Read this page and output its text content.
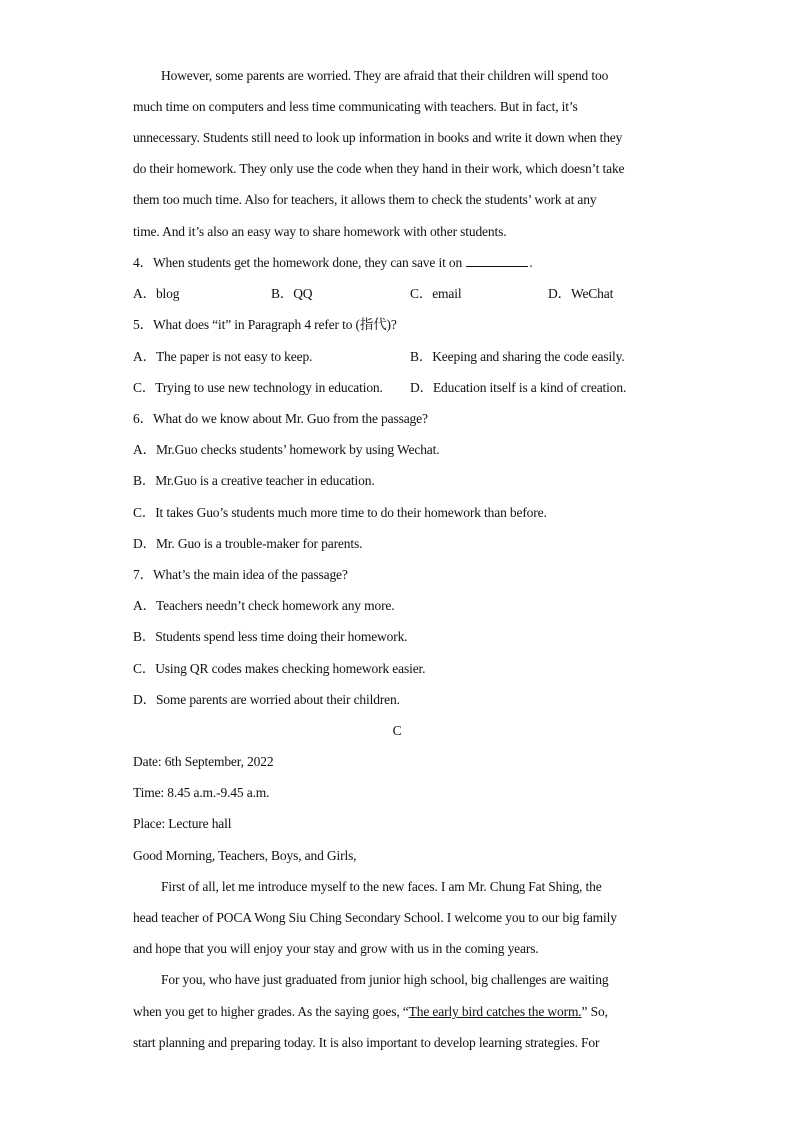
However, some parents are worried. They are afraid that their children will spend too
much time on computers and less time communicating with teachers. But in fact, it’s
unnecessary. Students still need to look up information in books and write it down when they
do their homework. They only use the code when they hand in their work, which doesn’t take
them too much time. Also for teachers, it allows them to check the students’ work at any
time. And it’s also an easy way to share homework with other students.
4．When students get the homework done, they can save it on	.
A．blog	B．QQ	C．email	D．WeChat
5．What does “it” in Paragraph 4 refer to (指代)?
A．The paper is not easy to keep.	B．Keeping and sharing the code easily.
C．Trying to use new technology in education. D．Education itself is a kind of creation.
6．What do we know about Mr. Guo from the passage?
A．Mr.Guo checks students’ homework by using Wechat.
B．Mr.Guo is a creative teacher in education.
C．It takes Guo’s students much more time to do their homework than before.
D．Mr. Guo is a trouble-maker for parents.
7．What’s the main idea of the passage?
A．Teachers needn’t check homework any more.
B．Students spend less time doing their homework.
C．Using QR codes makes checking homework easier.
D．Some parents are worried about their children.
C
Date: 6th September, 2022
Time: 8.45 a.m.-9.45 a.m.
Place: Lecture hall
Good Morning, Teachers, Boys, and Girls,
First of all, let me introduce myself to the new faces. I am Mr. Chung Fat Shing, the
head teacher of POCA Wong Siu Ching Secondary School. I welcome you to our big family
and hope that you will enjoy your stay and grow with us in the coming years.
For you, who have just graduated from junior high school, big challenges are waiting
when you get to higher grades. As the saying goes, “The early bird catches the worm.” So,
start planning and preparing today. It is also important to develop learning strategies. For
